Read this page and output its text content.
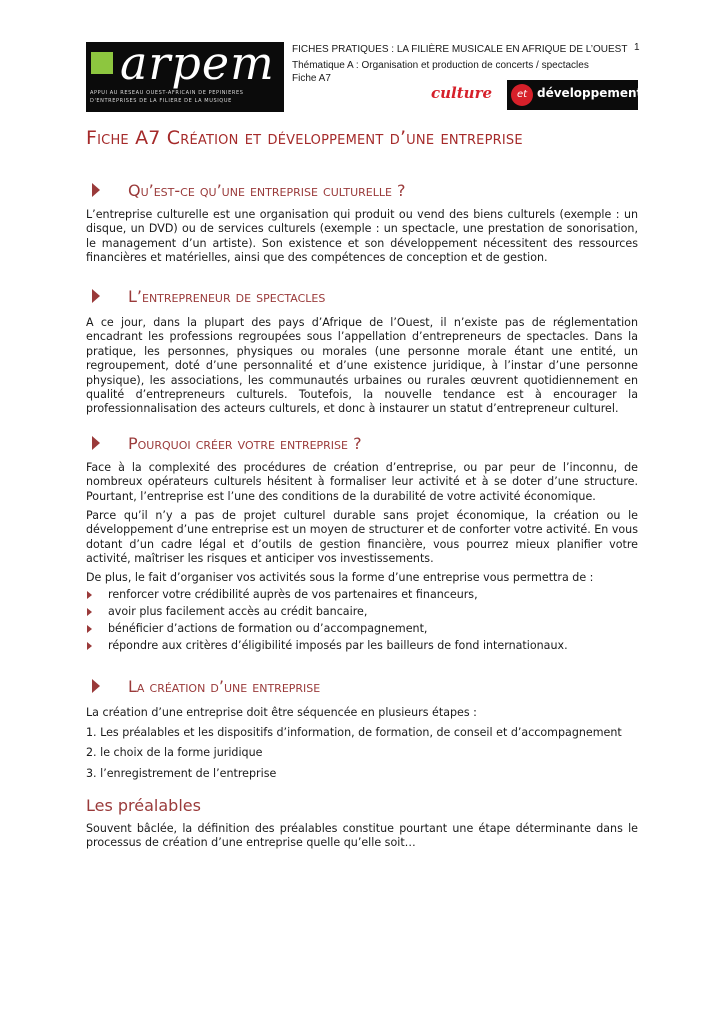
arpem
APPUI AU RESEAU OUEST-AFRICAIN DE PEPINIERES
D'ENTREPRISES DE LA FILIERE DE LA MUSIQUE
FICHES PRATIQUES : LA FILIÈRE MUSICALE EN AFRIQUE DE L’OUEST
Thématique A : Organisation et production de concerts / spectacles
Fiche A7
1
culture	et développement
Fiche A7 Création et développement d’une entreprise
Qu’est-ce qu’une entreprise culturelle ?
L’entreprise culturelle est une organisation qui produit ou vend des biens culturels (exemple : un disque, un DVD) ou de services culturels (exemple : un spectacle, une prestation de sonorisation, le management d’un artiste). Son existence et son développement nécessitent des ressources financières et matérielles, ainsi que des compétences de conception et de gestion.
L’entrepreneur de spectacles
A ce jour, dans la plupart des pays d’Afrique de l’Ouest, il n’existe pas de réglementation encadrant les professions regroupées sous l’appellation d’entrepreneurs de spectacles. Dans la pratique, les personnes, physiques ou morales (une personne morale étant une entité, un regroupement, doté d’une personnalité et d’une existence juridique, à l’instar d’une personne physique), les associations, les communautés urbaines ou rurales œuvrent quotidiennement en qualité d’entrepreneurs culturels. Toutefois, la nouvelle tendance est à encourager la professionnalisation des acteurs culturels, et donc à instaurer un statut d’entrepreneur culturel.
Pourquoi créer votre entreprise ?
Face à la complexité des procédures de création d’entreprise, ou par peur de l’inconnu, de nombreux opérateurs culturels hésitent à formaliser leur activité et à se doter d’une structure. Pourtant, l’entreprise est l’une des conditions de la durabilité de votre activité économique.
Parce qu’il n’y a pas de projet culturel durable sans projet économique, la création ou le développement d’une entreprise est un moyen de structurer et de conforter votre activité. En vous dotant d’un cadre légal et d’outils de gestion financière, vous pourrez mieux planifier votre activité, maîtriser les risques et anticiper vos investissements.
De plus, le fait d’organiser vos activités sous la forme d’une entreprise vous permettra de :
renforcer votre crédibilité auprès de vos partenaires et financeurs,
avoir plus facilement accès au crédit bancaire,
bénéficier d’actions de formation ou d’accompagnement,
répondre aux critères d’éligibilité imposés par les bailleurs de fond internationaux.
La création d’une entreprise
La création d’une entreprise doit être séquencée en plusieurs étapes :
1. Les préalables et les dispositifs d’information, de formation, de conseil et d’accompagnement
2. le choix de la forme juridique
3. l’enregistrement de l’entreprise
Les préalables
Souvent bâclée, la définition des préalables constitue pourtant une étape déterminante dans le processus de création d’une entreprise quelle qu’elle soit…
